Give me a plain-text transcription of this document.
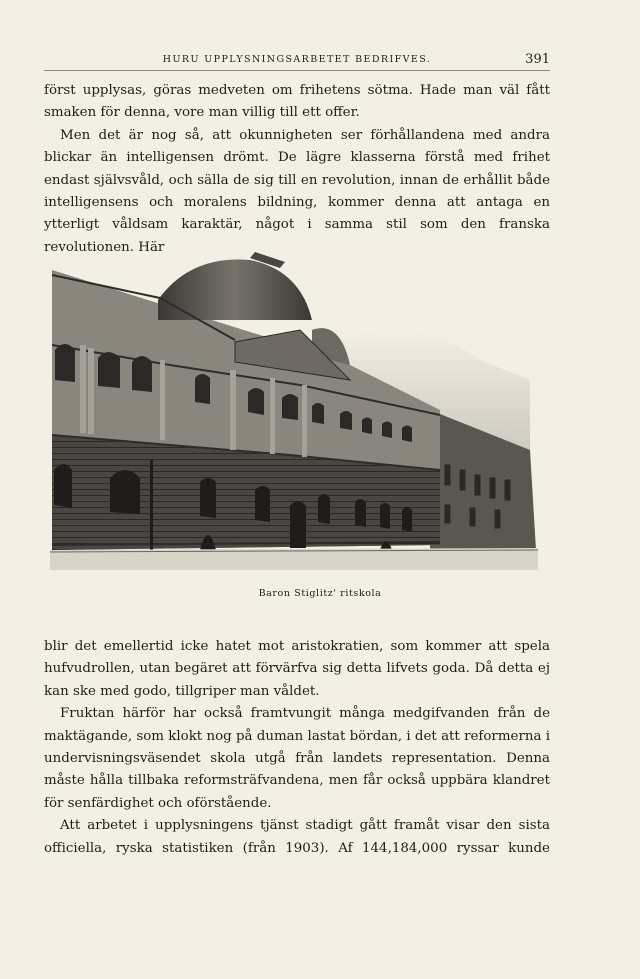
HURU UPPLYSNINGSARBETET BEDRIFVES.	391

först upplysas, göras medveten om frihetens sötma. Hade man väl fått smaken för denna, vore man villig till ett offer.

Men det är nog så, att okunnigheten ser förhållandena med andra blickar än intelligensen drömt. De lägre klasserna förstå med frihet endast självsvåld, och sälla de sig till en revolution, innan de erhållit både intelligensens och moralens bildning, kommer denna att antaga en ytterligt våldsam karaktär, något i samma stil som den franska revolutionen. Här

Baron Stiglitz' ritskola

blir det emellertid icke hatet mot aristokratien, som kommer att spela hufvudrollen, utan begäret att förvärfva sig detta lifvets goda. Då detta ej kan ske med godo, tillgriper man våldet.

Fruktan härför har också framtvungit många medgifvanden från de maktägande, som klokt nog på duman lastat bördan, i det att reformerna i undervisningsväsendet skola utgå från landets representation. Denna måste hålla tillbaka reformsträfvandena, men får också uppbära klandret för senfärdighet och oförstående.

Att arbetet i upplysningens tjänst stadigt gått framåt visar den sista officiella, ryska statistiken (från 1903). Af 144,184,000 ryssar kunde
